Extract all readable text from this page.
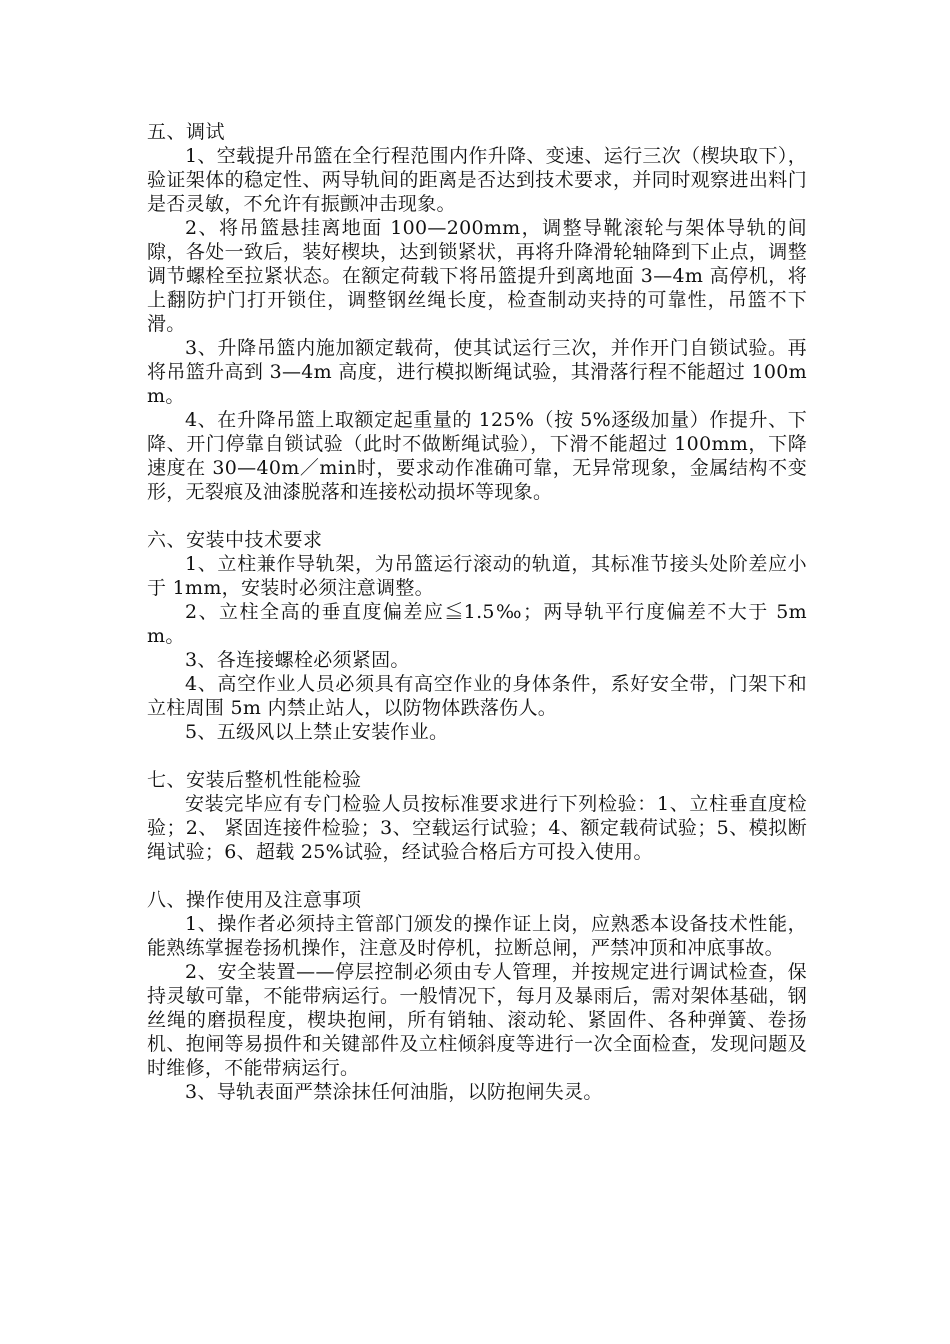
五、调试

1、空载提升吊篮在全行程范围内作升降、变速、运行三次（楔块取下），验证架体的稳定性、两导轨间的距离是否达到技术要求，并同时观察进出料门是否灵敏，不允许有振颤冲击现象。

2、将吊篮悬挂离地面 100—200mm，调整导靴滚轮与架体导轨的间隙，各处一致后，装好楔块，达到锁紧状，再将升降滑轮轴降到下止点，调整调节螺栓至拉紧状态。在额定荷载下将吊篮提升到离地面 3—4m 高停机，将上翻防护门打开锁住，调整钢丝绳长度，检查制动夹持的可靠性，吊篮不下滑。

3、升降吊篮内施加额定载荷，使其试运行三次，并作开门自锁试验。再将吊篮升高到 3—4m 高度，进行模拟断绳试验，其滑落行程不能超过 100mm。

4、在升降吊篮上取额定起重量的 125%（按 5%逐级加量）作提升、下降、开门停靠自锁试验（此时不做断绳试验），下滑不能超过 100mm，下降速度在 30—40m／min时，要求动作准确可靠，无异常现象，金属结构不变形，无裂痕及油漆脱落和连接松动损坏等现象。

六、安装中技术要求

1、立柱兼作导轨架，为吊篮运行滚动的轨道，其标准节接头处阶差应小于 1mm，安装时必须注意调整。

2、立柱全高的垂直度偏差应≦1.5‰；两导轨平行度偏差不大于 5mm。

3、各连接螺栓必须紧固。

4、高空作业人员必须具有高空作业的身体条件，系好安全带，门架下和立柱周围 5m 内禁止站人，以防物体跌落伤人。

5、五级风以上禁止安装作业。

七、安装后整机性能检验

安装完毕应有专门检验人员按标准要求进行下列检验：1、立柱垂直度检验；2、 紧固连接件检验；3、空载运行试验；4、额定载荷试验；5、模拟断绳试验；6、超载 25%试验，经试验合格后方可投入使用。

八、操作使用及注意事项

1、操作者必须持主管部门颁发的操作证上岗，应熟悉本设备技术性能，能熟练掌握卷扬机操作，注意及时停机，拉断总闸，严禁冲顶和冲底事故。

2、安全装置——停层控制必须由专人管理，并按规定进行调试检查，保持灵敏可靠，不能带病运行。一般情况下，每月及暴雨后，需对架体基础，钢丝绳的磨损程度，楔块抱闸，所有销轴、滚动轮、紧固件、各种弹簧、卷扬机、抱闸等易损件和关键部件及立柱倾斜度等进行一次全面检查，发现问题及时维修，不能带病运行。

3、导轨表面严禁涂抹任何油脂，以防抱闸失灵。
